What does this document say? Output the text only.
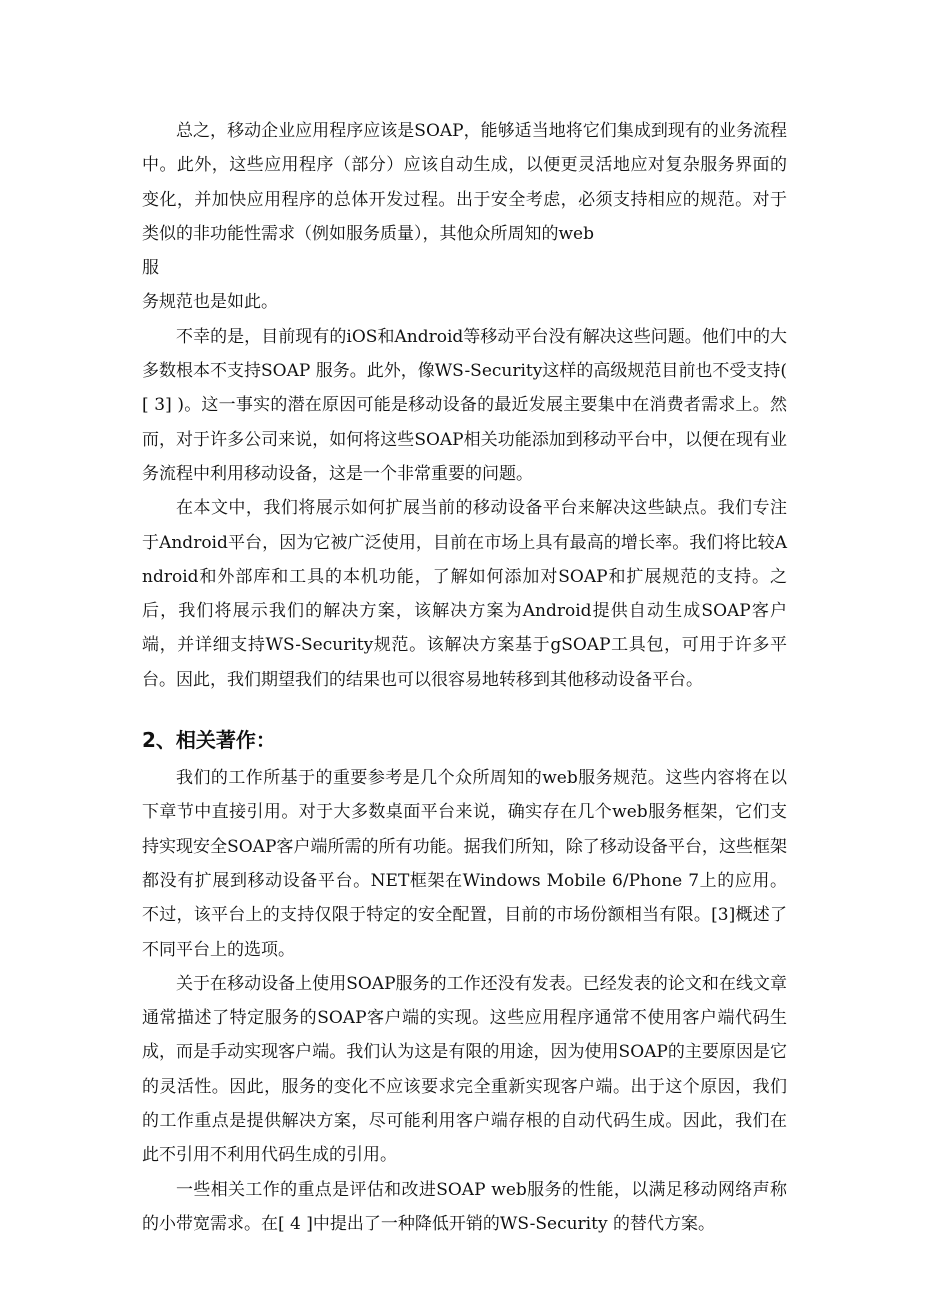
总之，移动企业应用程序应该是SOAP，能够适当地将它们集成到现有的业务流程中。此外，这些应用程序（部分）应该自动生成，以便更灵活地应对复杂服务界面的变化，并加快应用程序的总体开发过程。出于安全考虑，必须支持相应的规范。对于类似的非功能性需求（例如服务质量），其他众所周知的web

服
务规范也是如此。

不幸的是，目前现有的iOS和Android等移动平台没有解决这些问题。他们中的大多数根本不支持SOAP 服务。此外，像WS-Security这样的高级规范目前也不受支持( [ 3] )。这一事实的潜在原因可能是移动设备的最近发展主要集中在消费者需求上。然而，对于许多公司来说，如何将这些SOAP相关功能添加到移动平台中，以便在现有业务流程中利用移动设备，这是一个非常重要的问题。

在本文中，我们将展示如何扩展当前的移动设备平台来解决这些缺点。我们专注于Android平台，因为它被广泛使用，目前在市场上具有最高的增长率。我们将比较Android和外部库和工具的本机功能，了解如何添加对SOAP和扩展规范的支持。之后，我们将展示我们的解决方案，该解决方案为Android提供自动生成SOAP客户端，并详细支持WS-Security规范。该解决方案基于gSOAP工具包，可用于许多平台。因此，我们期望我们的结果也可以很容易地转移到其他移动设备平台。

2、相关著作：

我们的工作所基于的重要参考是几个众所周知的web服务规范。这些内容将在以下章节中直接引用。对于大多数桌面平台来说，确实存在几个web服务框架，它们支持实现安全SOAP客户端所需的所有功能。据我们所知，除了移动设备平台，这些框架都没有扩展到移动设备平台。NET框架在Windows Mobile 6/Phone 7上的应用。不过，该平台上的支持仅限于特定的安全配置，目前的市场份额相当有限。[3]概述了不同平台上的选项。

关于在移动设备上使用SOAP服务的工作还没有发表。已经发表的论文和在线文章通常描述了特定服务的SOAP客户端的实现。这些应用程序通常不使用客户端代码生成，而是手动实现客户端。我们认为这是有限的用途，因为使用SOAP的主要原因是它的灵活性。因此，服务的变化不应该要求完全重新实现客户端。出于这个原因，我们的工作重点是提供解决方案，尽可能利用客户端存根的自动代码生成。因此，我们在此不引用不利用代码生成的引用。

一些相关工作的重点是评估和改进SOAP web服务的性能，以满足移动网络声称的小带宽需求。在[ 4 ]中提出了一种降低开销的WS-Security 的替代方案。
